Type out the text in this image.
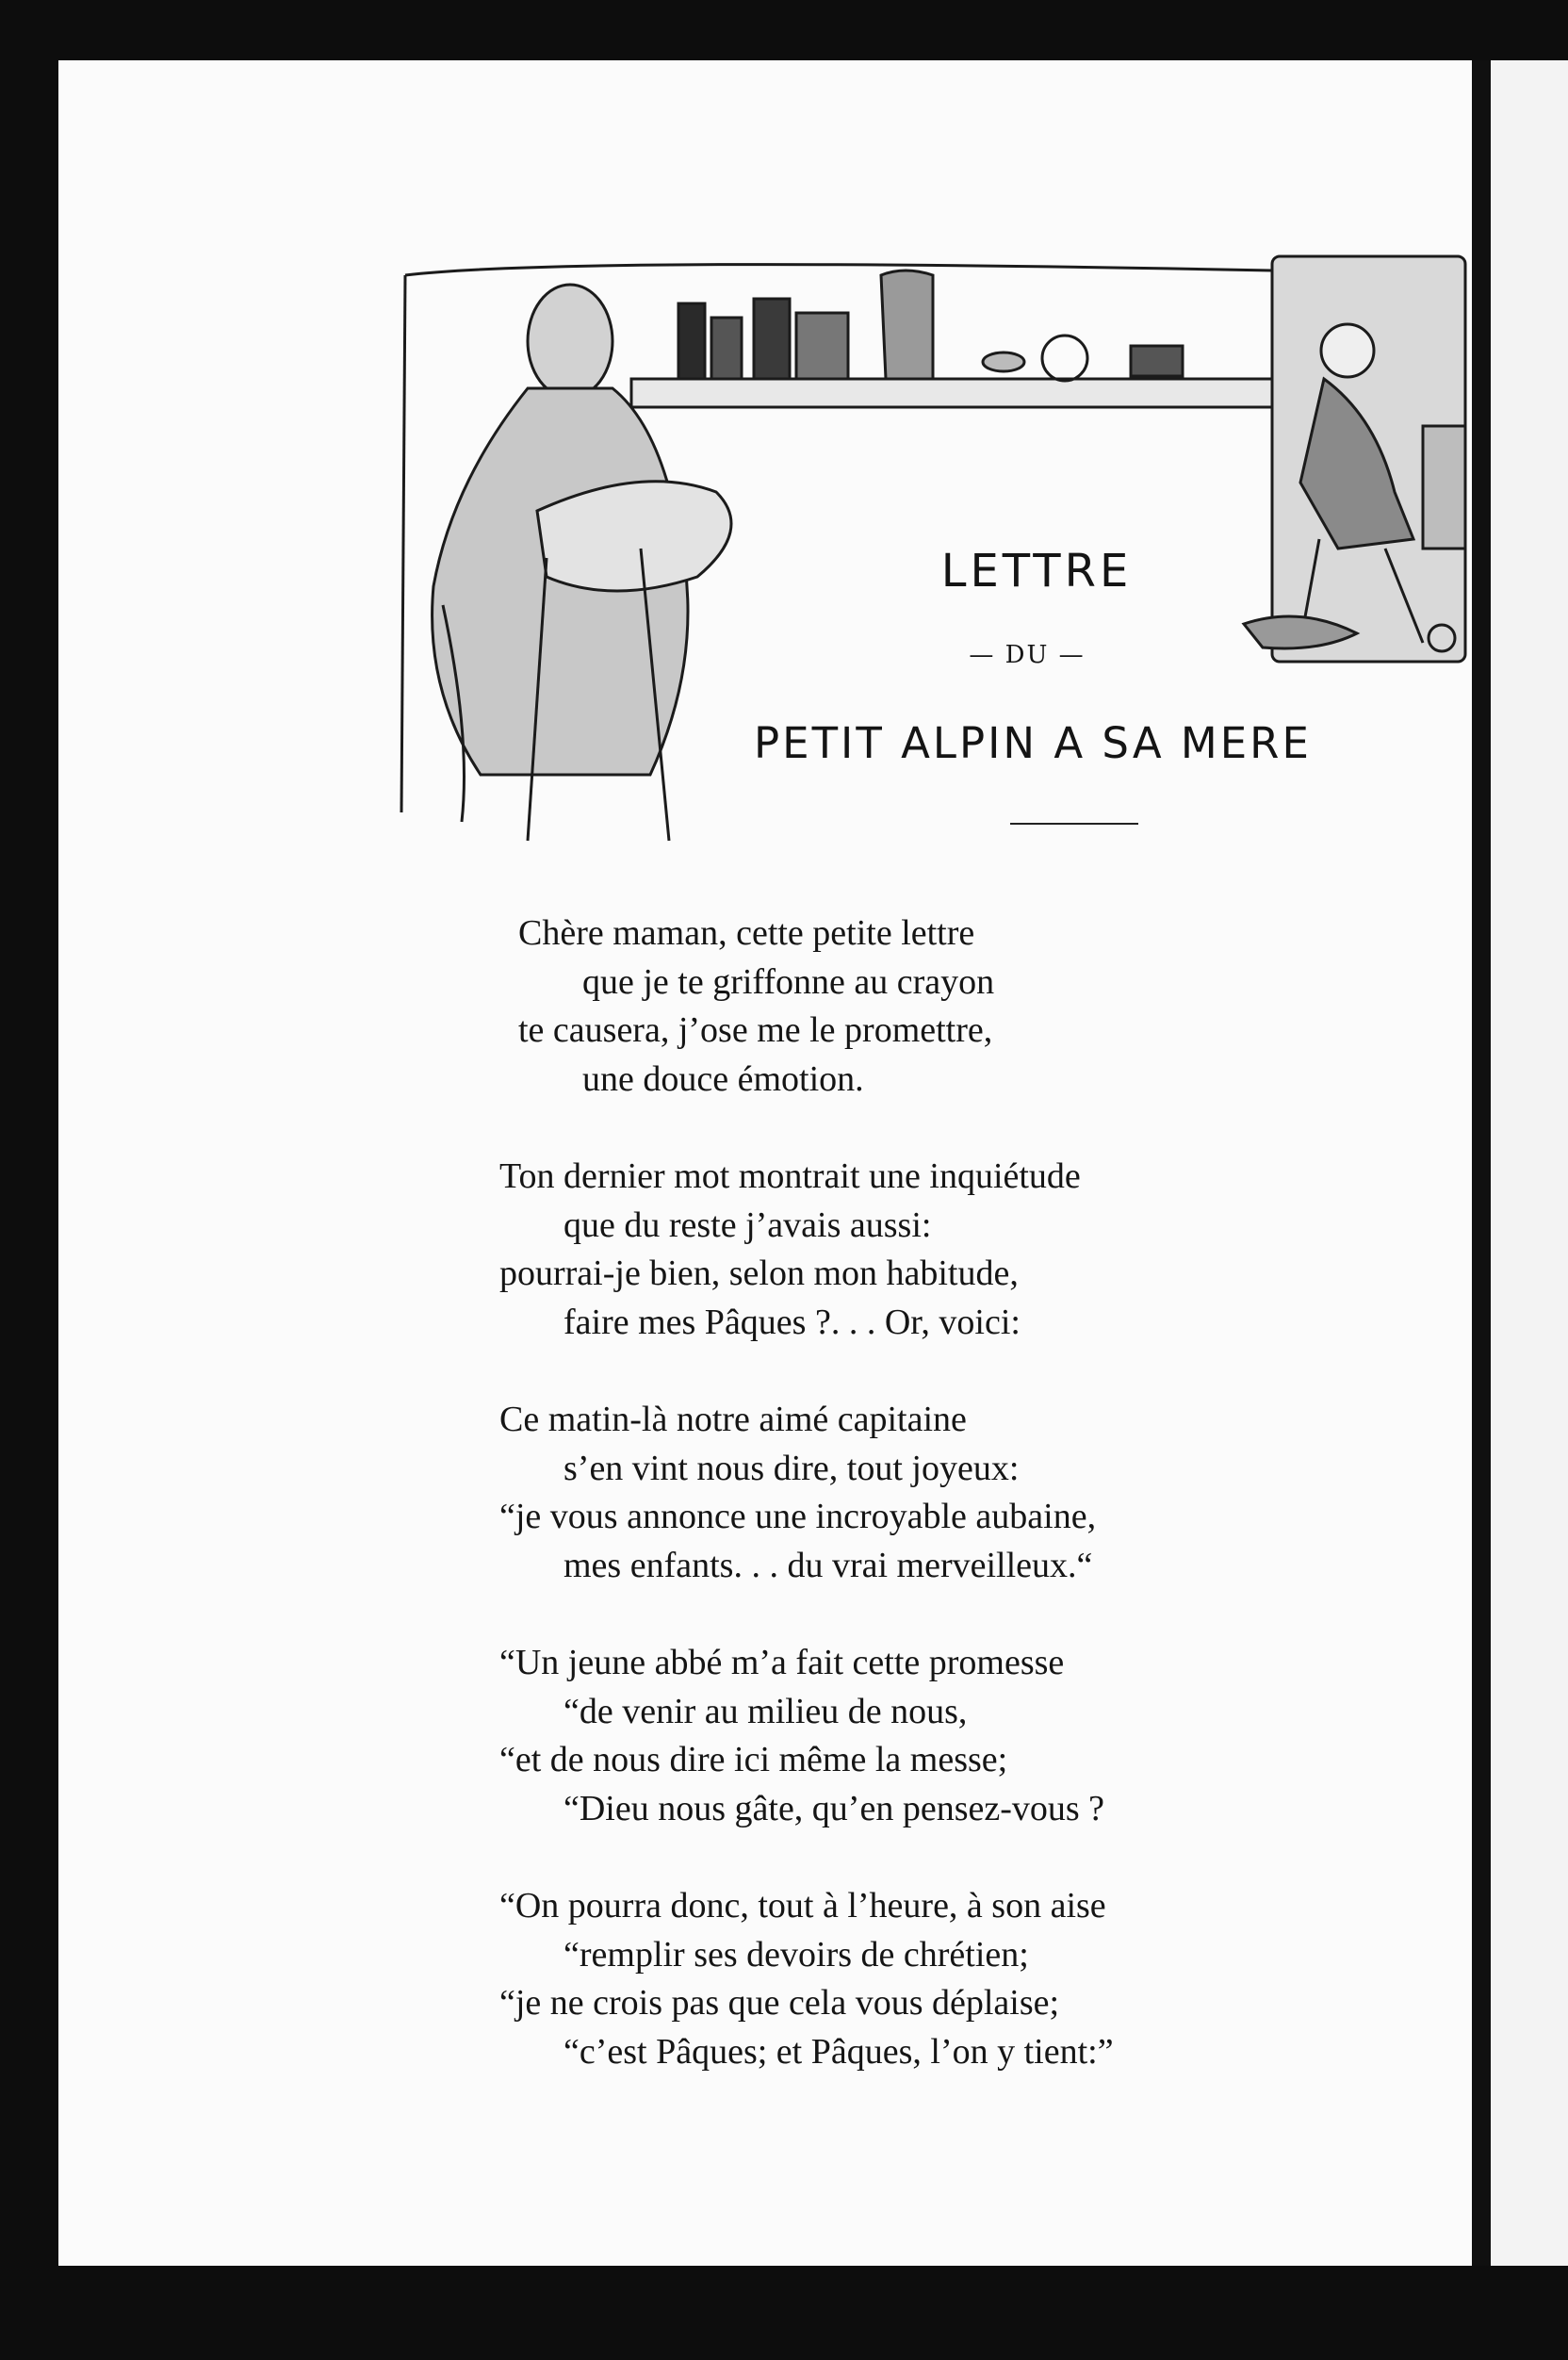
LETTRE
— DU —
PETIT ALPIN A SA MERE
Chère maman, cette petite lettre
que je te griffonne au crayon
te causera, j’ose me le promettre,
une douce émotion.
Ton dernier mot montrait une inquiétude
que du reste j’avais aussi:
pourrai-je bien, selon mon habitude,
faire mes Pâques ?. . . Or, voici:
Ce matin-là notre aimé capitaine
s’en vint nous dire, tout joyeux:
“je vous annonce une incroyable aubaine,
mes enfants. . . du vrai merveilleux.“
“Un jeune abbé m’a fait cette promesse
“de venir au milieu de nous,
“et de nous dire ici même la messe;
“Dieu nous gâte, qu’en pensez-vous ?
“On pourra donc, tout à l’heure, à son aise
“remplir ses devoirs de chrétien;
“je ne crois pas que cela vous déplaise;
“c’est Pâques; et Pâques, l’on y tient:”
